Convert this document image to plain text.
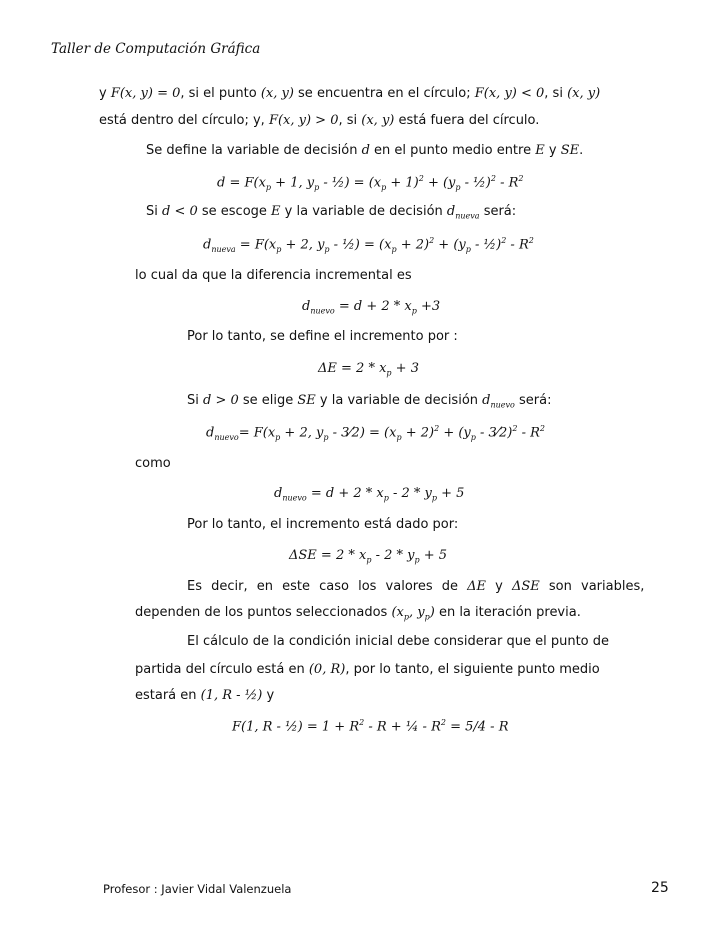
Taller de Computación Gráfica
y F(x, y) = 0, si el punto (x, y) se encuentra en el círculo; F(x, y) < 0, si (x, y)
está dentro del círculo; y, F(x, y) > 0, si (x, y) está fuera del círculo.
Se define la variable de decisión d en el punto medio entre E y SE.
$d = F(x_p + 1$, $y_p$ - ½) = $(x_p + 1)^2 + (y_p$ - ½)$^2$ - $R^2$
Si d < 0 se escoge E y la variable de decisión $d_{nueva}$ será:
$d_{nueva} = F(x_p + 2$, $y_p$ - ½) = $(x_p + 2)^2 + (y_p$ - ½)$^2$ - $R^2$
lo cual da que la diferencia incremental es
$d_{nuevo} = d + 2 * x_p +3$
Por lo tanto, se define el incremento por :
$\Delta E = 2 * x_p + 3$
Si d > 0 se elige SE y la variable de decisión $d_{nuevo}$ será:
$d_{nuevo}= F(x_p + 2$, $y_p$ - 3⁄2) = $(x_p + 2)^2 + (y_p$ - 3⁄2)$^2$ - $R^2$
como
$d_{nuevo} = d + 2 * x_p - 2 * y_p + 5$
Por lo tanto, el incremento está dado por:
$\Delta SE = 2 * x_p - 2 * y_p + 5$
Es decir, en este caso los valores de ΔE y ΔSE son variables,
dependen de los puntos seleccionados ($x_p$, $y_p$) en la iteración previa.
El cálculo de la condición inicial debe considerar que el punto de
partida del círculo está en (0, R), por lo tanto, el siguiente punto medio
estará en (1, R - ½) y
F(1, R - ½) = $1 + R^2 - R$ + ¼ - $R^2 = 5/4 - R$
Profesor : Javier Vidal Valenzuela	25
